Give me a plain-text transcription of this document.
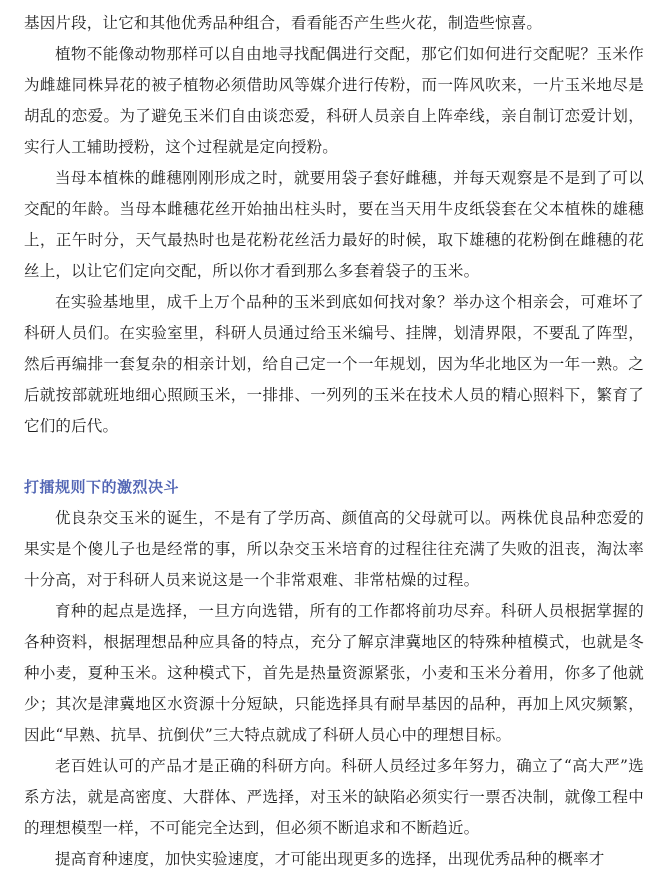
基因片段，让它和其他优秀品种组合，看看能否产生些火花，制造些惊喜。

植物不能像动物那样可以自由地寻找配偶进行交配，那它们如何进行交配呢？玉米作为雌雄同株异花的被子植物必须借助风等媒介进行传粉，而一阵风吹来，一片玉米地尽是胡乱的恋爱。为了避免玉米们自由谈恋爱，科研人员亲自上阵牵线，亲自制订恋爱计划，实行人工辅助授粉，这个过程就是定向授粉。

当母本植株的雌穗刚刚形成之时，就要用袋子套好雌穗，并每天观察是不是到了可以交配的年龄。当母本雌穗花丝开始抽出柱头时，要在当天用牛皮纸袋套在父本植株的雄穗上，正午时分，天气最热时也是花粉花丝活力最好的时候，取下雄穗的花粉倒在雌穗的花丝上，以让它们定向交配，所以你才看到那么多套着袋子的玉米。

在实验基地里，成千上万个品种的玉米到底如何找对象？举办这个相亲会，可难坏了科研人员们。在实验室里，科研人员通过给玉米编号、挂牌，划清界限，不要乱了阵型，然后再编排一套复杂的相亲计划，给自己定一个一年规划，因为华北地区为一年一熟。之后就按部就班地细心照顾玉米，一排排、一列列的玉米在技术人员的精心照料下，繁育了它们的后代。

打擂规则下的激烈决斗

优良杂交玉米的诞生，不是有了学历高、颜值高的父母就可以。两株优良品种恋爱的果实是个傻儿子也是经常的事，所以杂交玉米培育的过程往往充满了失败的沮丧，淘汰率十分高，对于科研人员来说这是一个非常艰难、非常枯燥的过程。

育种的起点是选择，一旦方向选错，所有的工作都将前功尽弃。科研人员根据掌握的各种资料，根据理想品种应具备的特点，充分了解京津冀地区的特殊种植模式，也就是冬种小麦，夏种玉米。这种模式下，首先是热量资源紧张，小麦和玉米分着用，你多了他就少；其次是津冀地区水资源十分短缺，只能选择具有耐旱基因的品种，再加上风灾频繁，因此“早熟、抗旱、抗倒伏”三大特点就成了科研人员心中的理想目标。

老百姓认可的产品才是正确的科研方向。科研人员经过多年努力，确立了“高大严”选系方法，就是高密度、大群体、严选择，对玉米的缺陷必须实行一票否决制，就像工程中的理想模型一样，不可能完全达到，但必须不断追求和不断趋近。

提高育种速度，加快实验速度，才可能出现更多的选择，出现优秀品种的概率才
